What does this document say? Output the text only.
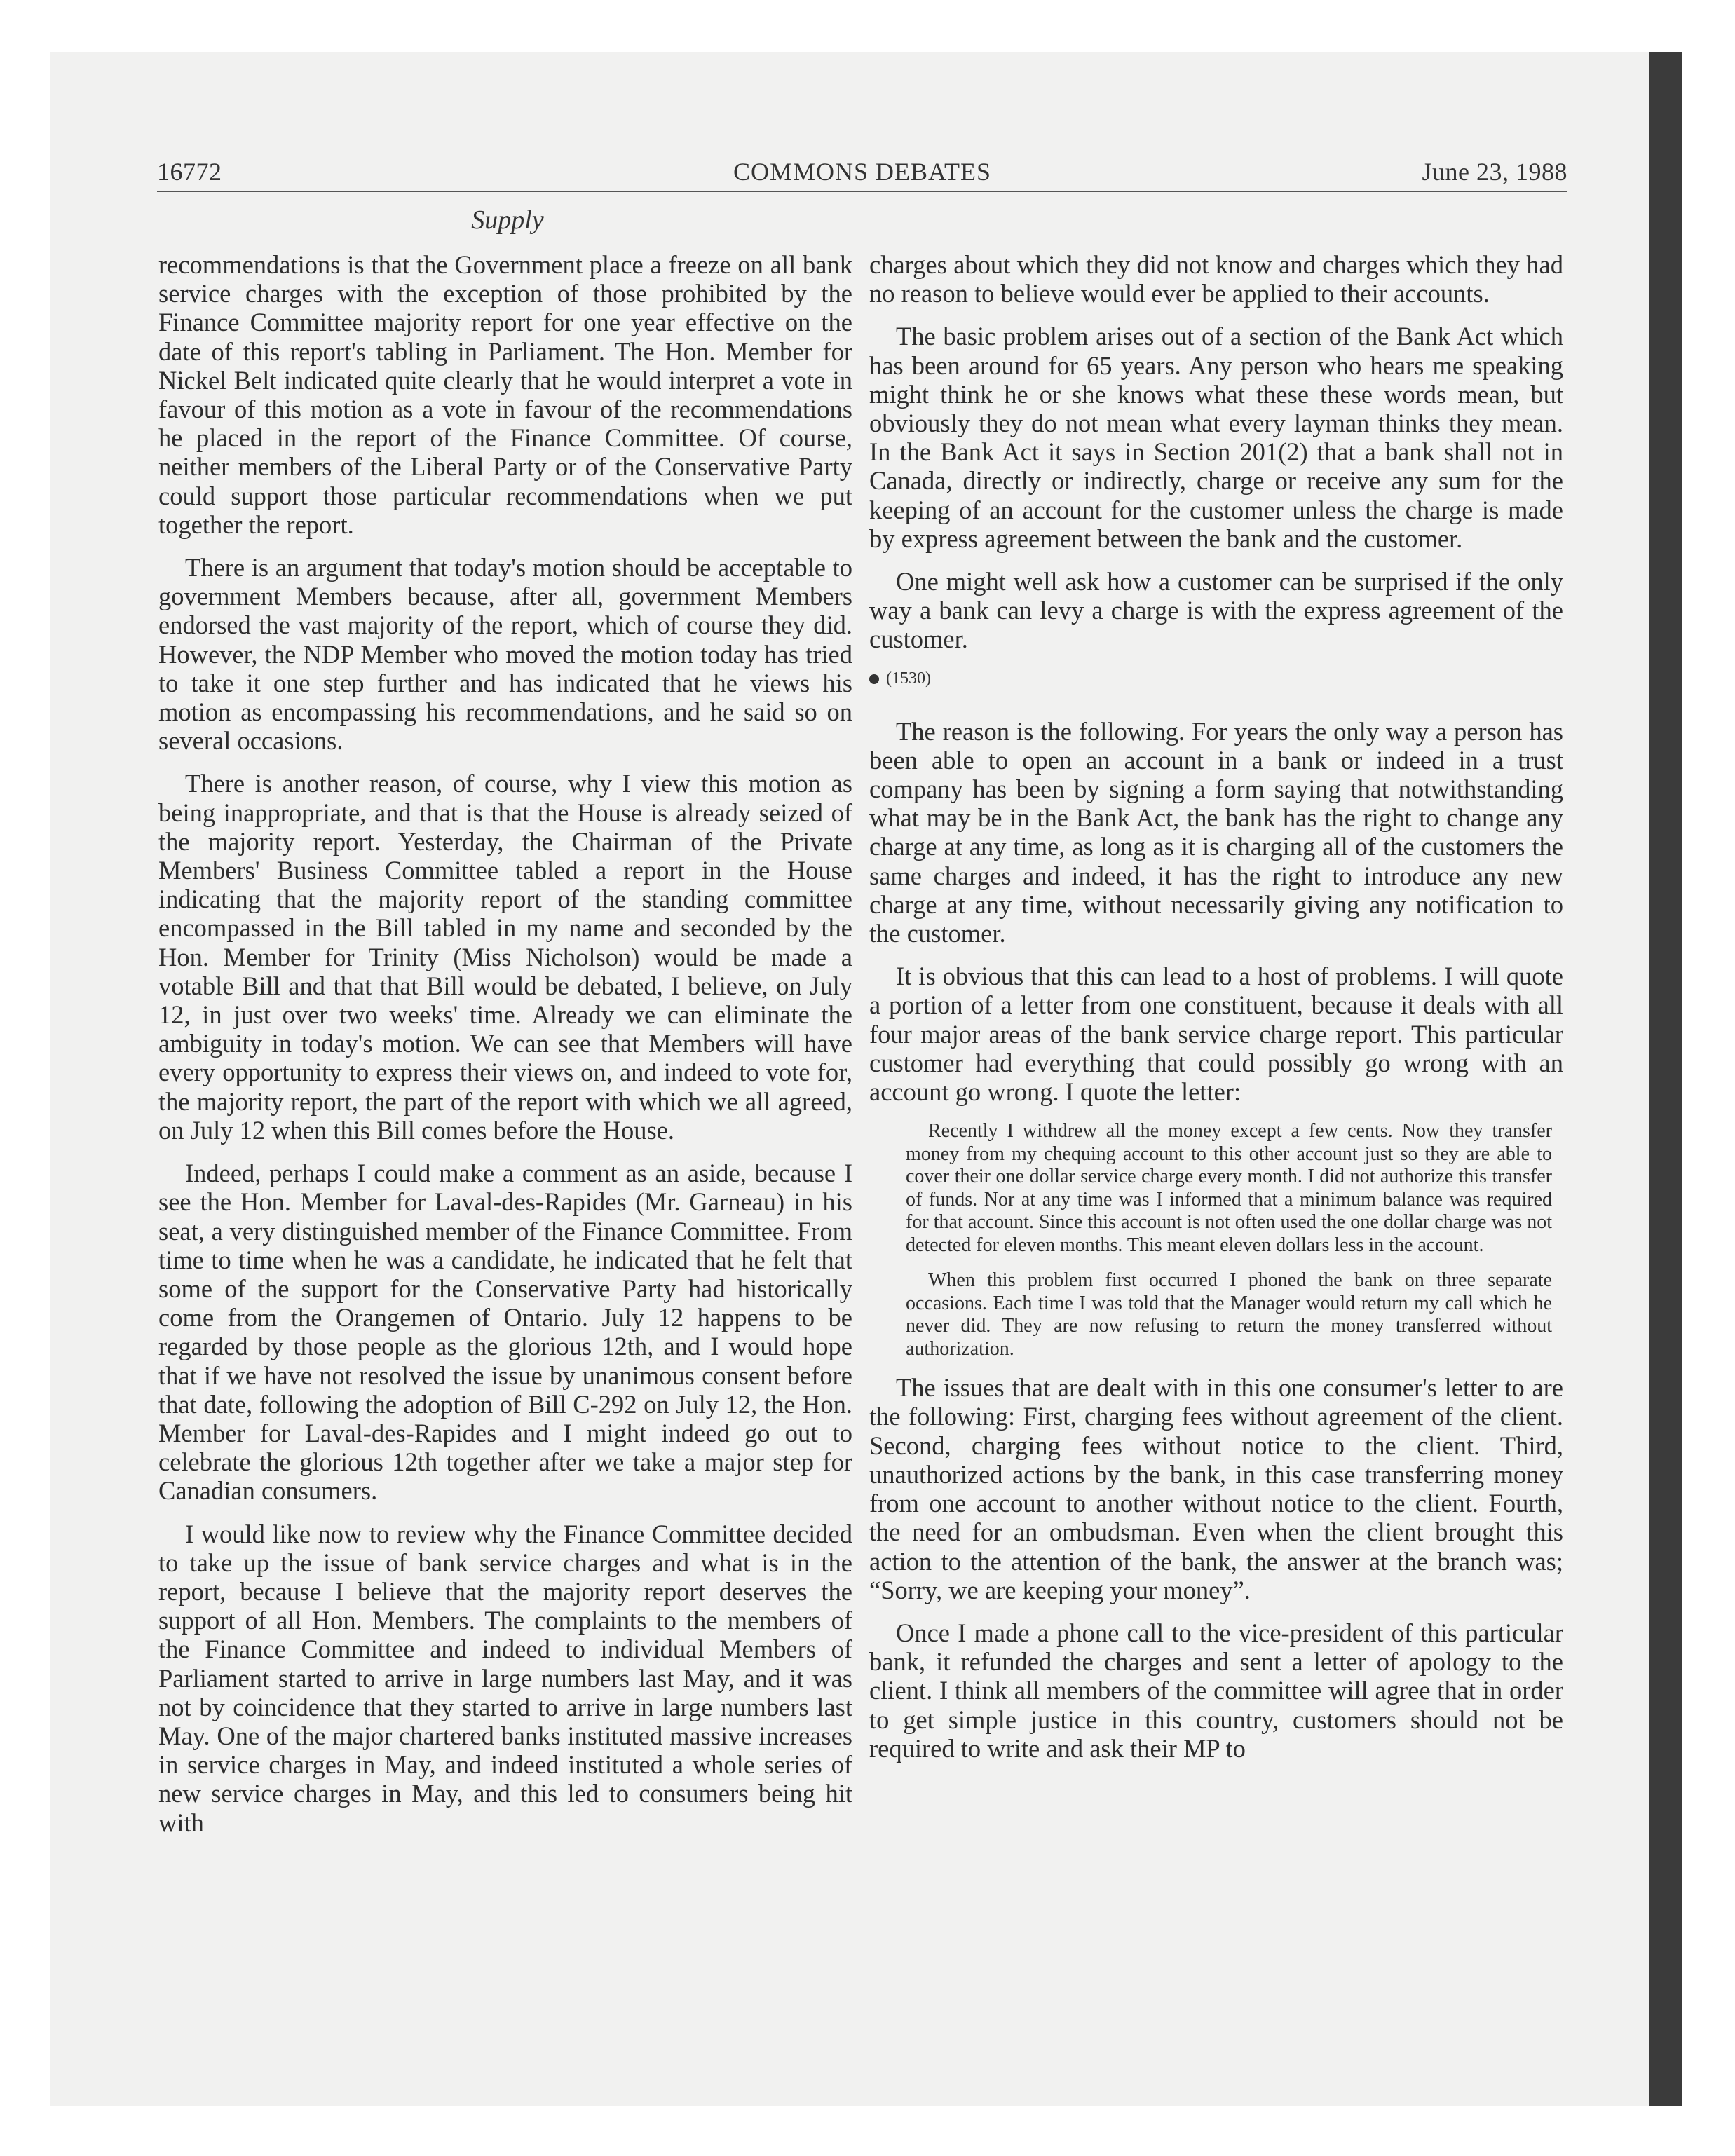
16772	COMMONS DEBATES	June 23, 1988
Supply

recommendations is that the Government place a freeze on all bank service charges with the exception of those prohibited by the Finance Committee majority report for one year effective on the date of this report's tabling in Parliament. The Hon. Member for Nickel Belt indicated quite clearly that he would interpret a vote in favour of this motion as a vote in favour of the recommendations he placed in the report of the Finance Committee. Of course, neither members of the Liberal Party or of the Conservative Party could support those particular recommendations when we put together the report.

There is an argument that today's motion should be acceptable to government Members because, after all, government Members endorsed the vast majority of the report, which of course they did. However, the NDP Member who moved the motion today has tried to take it one step further and has indicated that he views his motion as encompassing his recommendations, and he said so on several occasions.

There is another reason, of course, why I view this motion as being inappropriate, and that is that the House is already seized of the majority report. Yesterday, the Chairman of the Private Members' Business Committee tabled a report in the House indicating that the majority report of the standing committee encompassed in the Bill tabled in my name and seconded by the Hon. Member for Trinity (Miss Nicholson) would be made a votable Bill and that that Bill would be debated, I believe, on July 12, in just over two weeks' time. Already we can eliminate the ambiguity in today's motion. We can see that Members will have every opportunity to express their views on, and indeed to vote for, the majority report, the part of the report with which we all agreed, on July 12 when this Bill comes before the House.

Indeed, perhaps I could make a comment as an aside, because I see the Hon. Member for Laval-des-Rapides (Mr. Garneau) in his seat, a very distinguished member of the Finance Committee. From time to time when he was a candidate, he indicated that he felt that some of the support for the Conservative Party had historically come from the Orangemen of Ontario. July 12 happens to be regarded by those people as the glorious 12th, and I would hope that if we have not resolved the issue by unanimous consent before that date, following the adoption of Bill C-292 on July 12, the Hon. Member for Laval-des-Rapides and I might indeed go out to celebrate the glorious 12th together after we take a major step for Canadian consumers.

I would like now to review why the Finance Committee decided to take up the issue of bank service charges and what is in the report, because I believe that the majority report deserves the support of all Hon. Members. The complaints to the members of the Finance Committee and indeed to individual Members of Parliament started to arrive in large numbers last May, and it was not by coincidence that they started to arrive in large numbers last May. One of the major chartered banks instituted massive increases in service charges in May, and indeed instituted a whole series of new service charges in May, and this led to consumers being hit with

charges about which they did not know and charges which they had no reason to believe would ever be applied to their accounts.

The basic problem arises out of a section of the Bank Act which has been around for 65 years. Any person who hears me speaking might think he or she knows what these these words mean, but obviously they do not mean what every layman thinks they mean. In the Bank Act it says in Section 201(2) that a bank shall not in Canada, directly or indirectly, charge or receive any sum for the keeping of an account for the customer unless the charge is made by express agreement between the bank and the customer.

One might well ask how a customer can be surprised if the only way a bank can levy a charge is with the express agreement of the customer.

(1530)

The reason is the following. For years the only way a person has been able to open an account in a bank or indeed in a trust company has been by signing a form saying that notwithstanding what may be in the Bank Act, the bank has the right to change any charge at any time, as long as it is charging all of the customers the same charges and indeed, it has the right to introduce any new charge at any time, without necessarily giving any notification to the customer.

It is obvious that this can lead to a host of problems. I will quote a portion of a letter from one constituent, because it deals with all four major areas of the bank service charge report. This particular customer had everything that could possibly go wrong with an account go wrong. I quote the letter:

Recently I withdrew all the money except a few cents. Now they transfer money from my chequing account to this other account just so they are able to cover their one dollar service charge every month. I did not authorize this transfer of funds. Nor at any time was I informed that a minimum balance was required for that account. Since this account is not often used the one dollar charge was not detected for eleven months. This meant eleven dollars less in the account.
When this problem first occurred I phoned the bank on three separate occasions. Each time I was told that the Manager would return my call which he never did. They are now refusing to return the money transferred without authorization.

The issues that are dealt with in this one consumer's letter to are the following: First, charging fees without agreement of the client. Second, charging fees without notice to the client. Third, unauthorized actions by the bank, in this case transferring money from one account to another without notice to the client. Fourth, the need for an ombudsman. Even when the client brought this action to the attention of the bank, the answer at the branch was; “Sorry, we are keeping your money”.

Once I made a phone call to the vice-president of this particular bank, it refunded the charges and sent a letter of apology to the client. I think all members of the committee will agree that in order to get simple justice in this country, customers should not be required to write and ask their MP to
